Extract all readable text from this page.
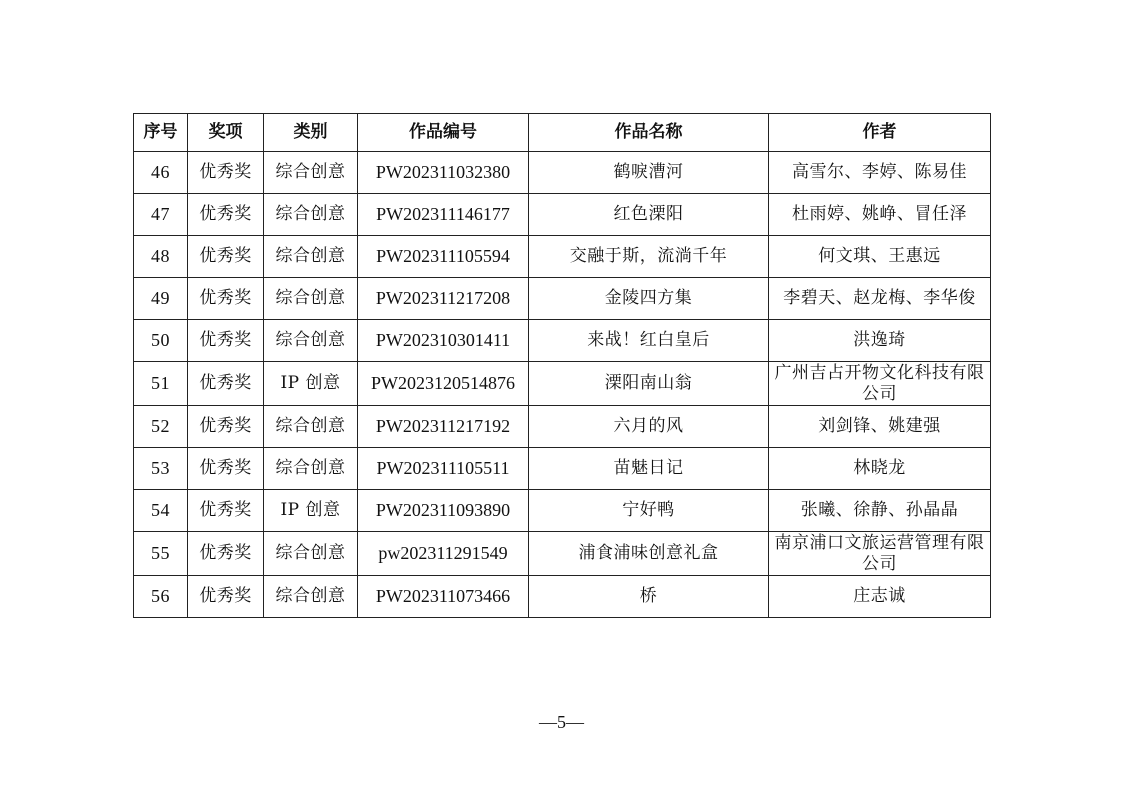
序号	奖项	类别	作品编号	作品名称	作者
46	优秀奖	综合创意	PW202311032380	鹤唳漕河	高雪尔、李婷、陈易佳
47	优秀奖	综合创意	PW202311146177	红色溧阳	杜雨婷、姚峥、冒任泽
48	优秀奖	综合创意	PW202311105594	交融于斯，流淌千年	何文琪、王惠远
49	优秀奖	综合创意	PW202311217208	金陵四方集	李碧天、赵龙梅、李华俊
50	优秀奖	综合创意	PW202310301411	来战！红白皇后	洪逸琦
51	优秀奖	IP 创意	PW2023120514876	溧阳南山翁	广州吉占开物文化科技有限公司
52	优秀奖	综合创意	PW202311217192	六月的风	刘剑锋、姚建强
53	优秀奖	综合创意	PW202311105511	苗魅日记	林晓龙
54	优秀奖	IP 创意	PW202311093890	宁好鸭	张曦、徐静、孙晶晶
55	优秀奖	综合创意	pw202311291549	浦食浦味创意礼盒	南京浦口文旅运营管理有限公司
56	优秀奖	综合创意	PW202311073466	桥	庄志诚
—5—
